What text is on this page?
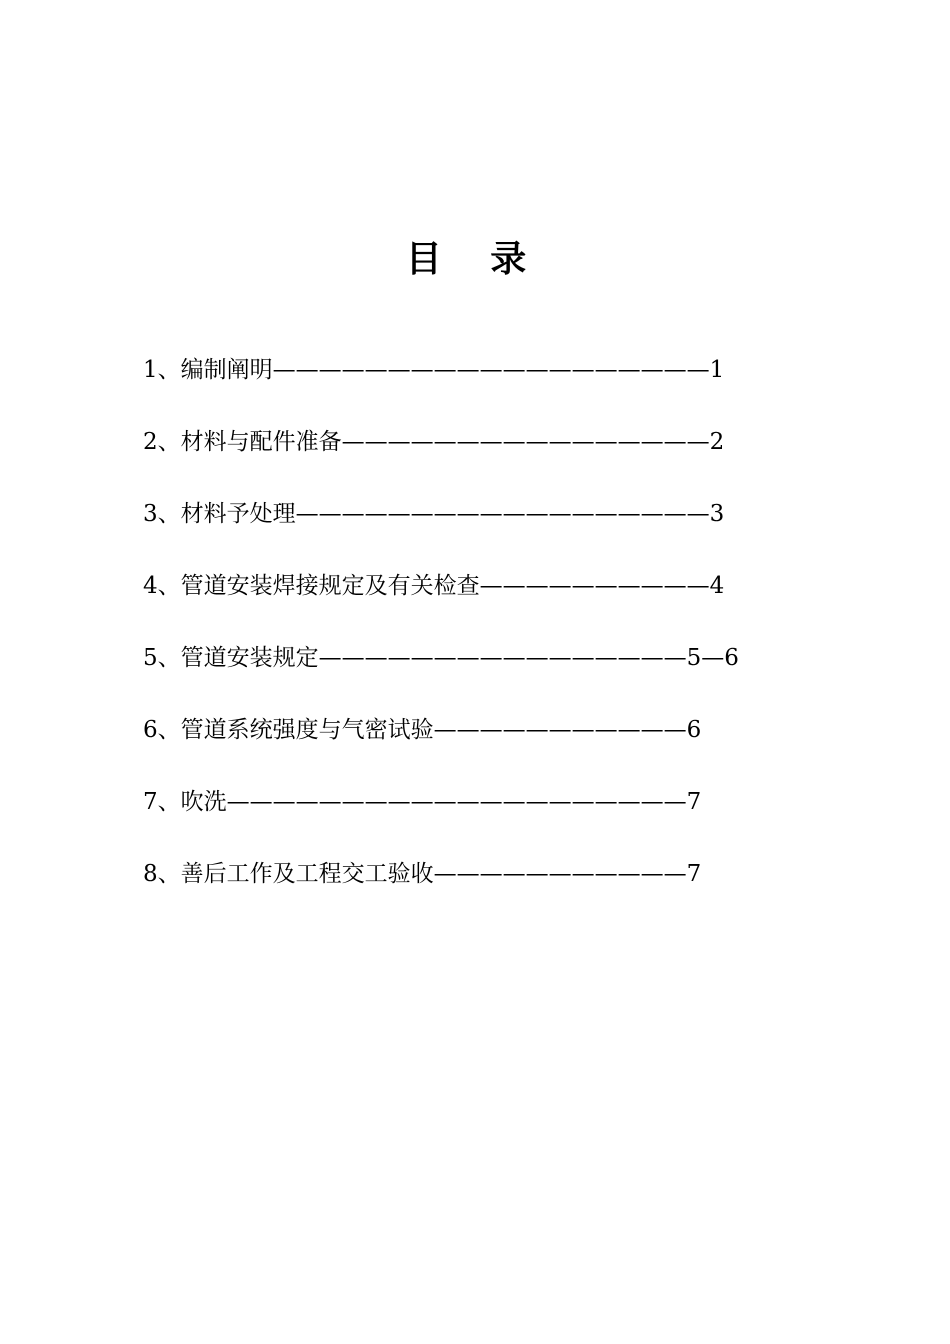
目 录
1、编制阐明———————————————————1
2、材料与配件准备————————————————2
3、材料予处理——————————————————3
4、管道安装焊接规定及有关检查——————————4
5、管道安装规定————————————————5—6
6、管道系统强度与气密试验———————————6
7、吹洗————————————————————7
8、善后工作及工程交工验收———————————7
